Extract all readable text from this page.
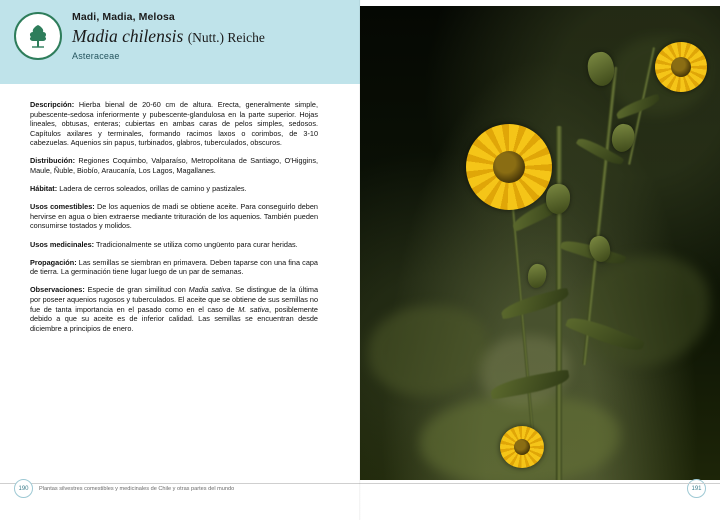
Madi, Madia, Melosa
Madia chilensis (Nutt.) Reiche
Asteraceae
Descripción: Hierba bienal de 20-60 cm de altura. Erecta, generalmente simple, pubescente-sedosa inferiormente y pubescente-glandulosa en la parte superior. Hojas lineales, obtusas, enteras; cubiertas en ambas caras de pelos simples, sedosos. Capítulos axilares y terminales, formando racimos laxos o corimbos, de 3-10 cabezuelas. Aquenios sin papus, turbinados, glabros, tuberculados, obscuros.
Distribución: Regiones Coquimbo, Valparaíso, Metropolitana de Santiago, O'Higgins, Maule, Ñuble, Biobío, Araucanía, Los Lagos, Magallanes.
Hábitat: Ladera de cerros soleados, orillas de camino y pastizales.
Usos comestibles: De los aquenios de madi se obtiene aceite. Para conseguirlo deben hervirse en agua o bien extraerse mediante trituración de los aquenios. También pueden consumirse tostados y molidos.
Usos medicinales: Tradicionalmente se utiliza como ungüento para curar heridas.
Propagación: Las semillas se siembran en primavera. Deben taparse con una fina capa de tierra. La germinación tiene lugar luego de un par de semanas.
Observaciones: Especie de gran similitud con Madia sativa. Se distingue de la última por poseer aquenios rugosos y tuberculados. El aceite que se obtiene de sus semillas no fue de tanta importancia en el pasado como en el caso de M. sativa, posiblemente debido a que su aceite es de inferior calidad. Las semillas se encuentran desde diciembre a principios de enero.
190	Plantas silvestres comestibles y medicinales de Chile y otras partes del mundo	191
